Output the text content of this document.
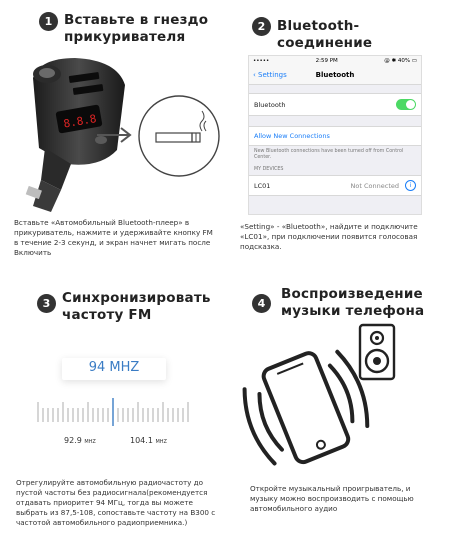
1 Вставьте в гнездо
прикуривателя
8.8.8
Вставьте «Автомобильный Bluetooth-плеер» в прикуриватель, нажмите и удерживайте кнопку FM в течение 2-3 секунд, и экран начнет мигать после Включить
2 Bluetooth-соединение
•••••	2:59 PM	@ ✱ 40% ▭
‹ Settings	Bluetooth
Bluetooth
Allow New Connections
New Bluetooth connections have been turned off from Control Center.
MY DEVICES
LC01	Not Connected	i
«Setting» - «Bluetooth», найдите и подключите «LC01», при подключении появится голосовая подсказка.
3 Синхронизировать
частоту FM
94 MHZ
92.9 MHZ	104.1 MHZ
Отрегулируйте автомобильную радиочастоту до пустой частоты без радиосигнала(рекомендуется отдавать приоритет 94 МГц, тогда вы можете выбрать из 87,5-108, сопоставьте частоту на B300 с частотой автомобильного радиоприемника.)
4
Воспроизведение
музыки телефона
Откройте музыкальный проигрыватель, и музыку можно воспроизводить с помощью автомобильного аудио
